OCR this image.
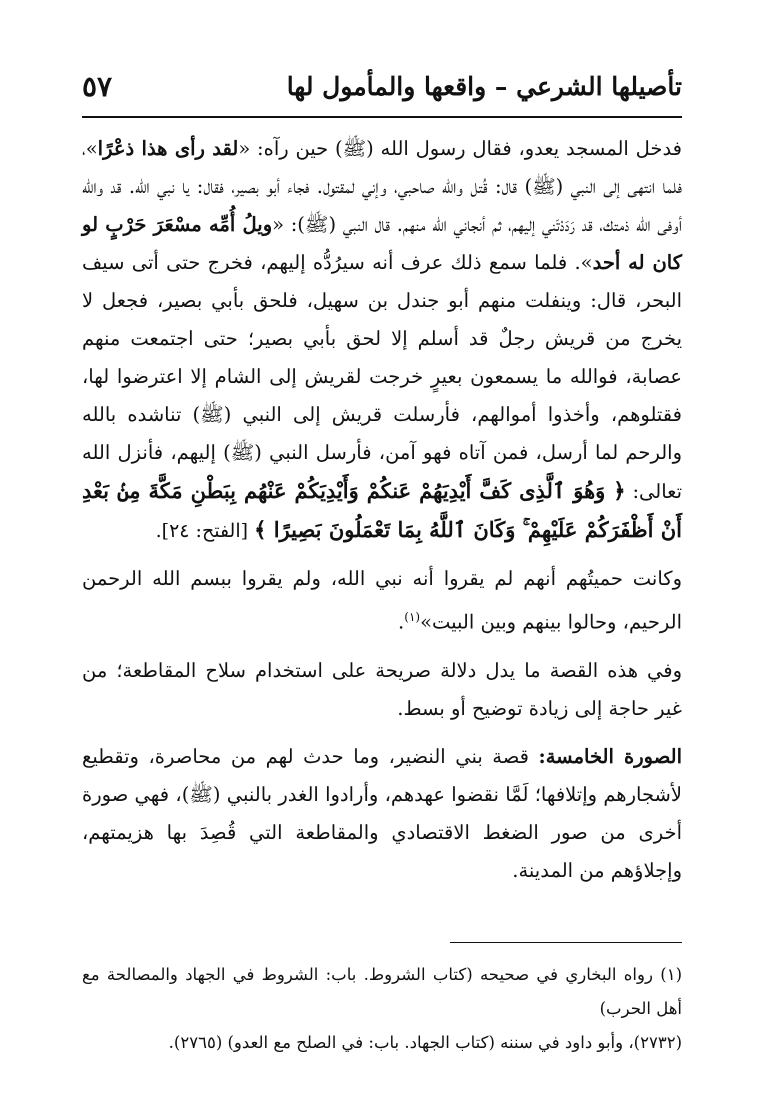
تأصيلها الشرعي – واقعها والمأمول لها
٥٧

فدخل المسجد يعدو، فقال رسول الله (ﷺ) حين رآه: «لقد رأى هذا ذعْرًا»، فلما انتهى إلى النبي (ﷺ) قال: قُتل والله صاحبي، وإني لمقتول. فجاء أبو بصير، فقال: يا نبي الله. قد والله أوفى الله ذمتك، قد رَدَدْتَني إليهم، ثم أنجاني الله منهم. قال النبي (ﷺ): «ويلُ أُمِّه مسْعَرَ حَرْبٍ لو كان له أحد». فلما سمع ذلك عرف أنه سيرُدُّه إليهم، فخرج حتى أتى سيف البحر، قال: وينفلت منهم أبو جندل بن سهيل، فلحق بأبي بصير، فجعل لا يخرج من قريش رجلٌ قد أسلم إلا لحق بأبي بصير؛ حتى اجتمعت منهم عصابة، فوالله ما يسمعون بعيرٍ خرجت لقريش إلى الشام إلا اعترضوا لها، فقتلوهم، وأخذوا أموالهم، فأرسلت قريش إلى النبي (ﷺ) تناشده بالله والرحم لما أرسل، فمن آتاه فهو آمن، فأرسل النبي (ﷺ) إليهم، فأنزل الله تعالى: ﴿ وَهُوَ ٱلَّذِى كَفَّ أَيْدِيَهُمْ عَنكُمْ وَأَيْدِيَكُمْ عَنْهُم بِبَطْنِ مَكَّةَ مِنۢ بَعْدِ أَنْ أَظْفَرَكُمْ عَلَيْهِمْ ۚ وَكَانَ ٱللَّهُ بِمَا تَعْمَلُونَ بَصِيرًا ﴾ [الفتح: ٢٤].

وكانت حميتُهم أنهم لم يقروا أنه نبي الله، ولم يقروا ببسم الله الرحمن الرحيم، وحالوا بينهم وبين البيت»$^{(١)}$.

وفي هذه القصة ما يدل دلالة صريحة على استخدام سلاح المقاطعة؛ من غير حاجة إلى زيادة توضيح أو بسط.

الصورة الخامسة: قصة بني النضير، وما حدث لهم من محاصرة، وتقطيع لأشجارهم وإتلافها؛ لَمَّا نقضوا عهدهم، وأرادوا الغدر بالنبي (ﷺ)، فهي صورة أخرى من صور الضغط الاقتصادي والمقاطعة التي قُصِدَ بها هزيمتهم، وإجلاؤهم من المدينة.

(١) رواه البخاري في صحيحه (كتاب الشروط. باب: الشروط في الجهاد والمصالحة مع أهل الحرب)

(٢٧٣٢)، وأبو داود في سننه (كتاب الجهاد. باب: في الصلح مع العدو) (٢٧٦٥).
